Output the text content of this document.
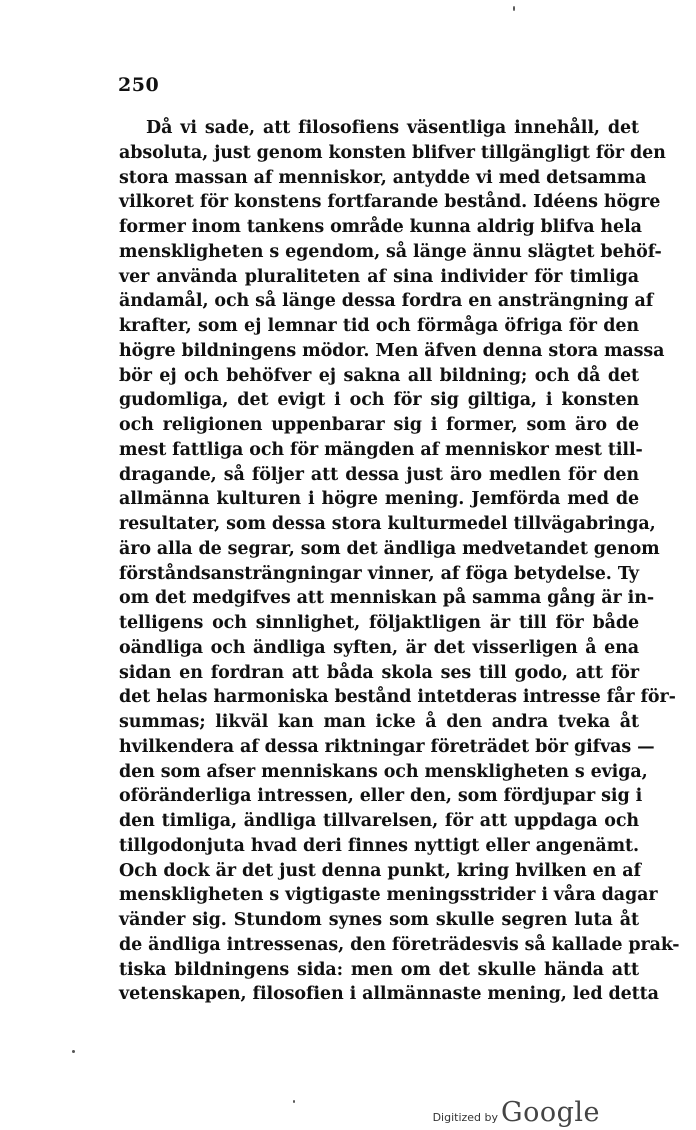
250
Då vi sade, att filosofiens väsentliga innehåll, det
absoluta, just genom konsten blifver tillgängligt för den
stora massan af menniskor, antydde vi med detsamma
vilkoret för konstens fortfarande bestånd. Idéens högre
former inom tankens område kunna aldrig blifva hela
menskligheten s egendom, så länge ännu slägtet behöf-
ver använda pluraliteten af sina individer för timliga
ändamål, och så länge dessa fordra en ansträngning af
krafter, som ej lemnar tid och förmåga öfriga för den
högre bildningens mödor. Men äfven denna stora massa
bör ej och behöfver ej sakna all bildning; och då det
gudomliga, det evigt i och för sig giltiga, i konsten
och religionen uppenbarar sig i former, som äro de
mest fattliga och för mängden af menniskor mest till-
dragande, så följer att dessa just äro medlen för den
allmänna kulturen i högre mening. Jemförda med de
resultater, som dessa stora kulturmedel tillvägabringa,
äro alla de segrar, som det ändliga medvetandet genom
förståndsansträngningar vinner, af föga betydelse. Ty
om det medgifves att menniskan på samma gång är in-
telligens och sinnlighet, följaktligen är till för både
oändliga och ändliga syften, är det visserligen å ena
sidan en fordran att båda skola ses till godo, att för
det helas harmoniska bestånd intetderas intresse får för-
summas; likväl kan man icke å den andra tveka åt
hvilkendera af dessa riktningar företrädet bör gifvas —
den som afser menniskans och menskligheten s eviga,
oföränderliga intressen, eller den, som fördjupar sig i
den timliga, ändliga tillvarelsen, för att uppdaga och
tillgodonjuta hvad deri finnes nyttigt eller angenämt.
Och dock är det just denna punkt, kring hvilken en af
menskligheten s vigtigaste meningsstrider i våra dagar
vänder sig. Stundom synes som skulle segren luta åt
de ändliga intressenas, den företrädesvis så kallade prak-
tiska bildningens sida: men om det skulle hända att
vetenskapen, filosofien i allmännaste mening, led detta
Digitized by Google
